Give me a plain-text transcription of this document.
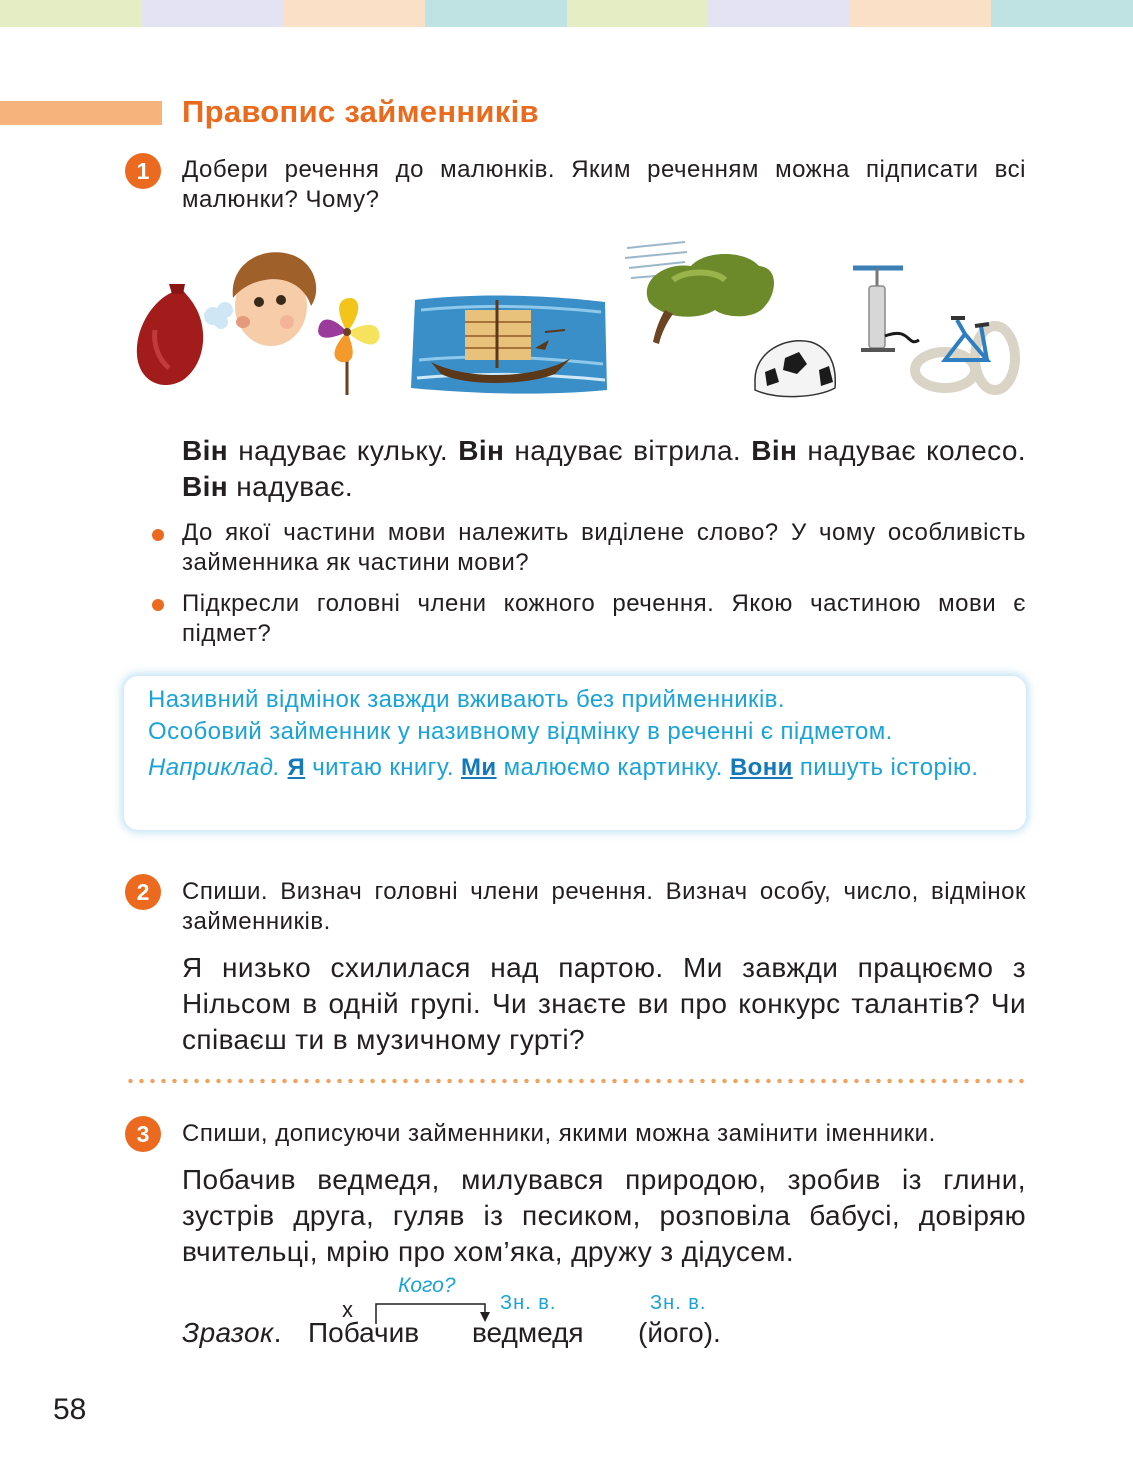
Правопис займенників
1	Добери речення до малюнків. Яким реченням можна підписати всі малюнки? Чому?
Він надуває кульку. Він надуває вітрила. Він надуває колесо. Він надуває.
До якої частини мови належить виділене слово? У чому особливість займенника як частини мови?
Підкресли головні члени кожного речення. Якою частиною мови є підмет?
Називний відмінок завжди вживають без прийменників.
Особовий займенник у називному відмінку в реченні є підметом.
Наприклад. Я читаю книгу. Ми малюємо картинку. Вони пишуть історію.
2	Спиши. Визнач головні члени речення. Визнач особу, число, відмінок займенників.
Я низько схилилася над партою. Ми завжди працюємо з Нільсом в одній групі. Чи знаєте ви про конкурс талантів? Чи співаєш ти в музичному гурті?
3	Спиши, дописуючи займенники, якими можна замінити іменники.
Побачив ведмедя, милувався природою, зробив із глини, зустрів друга, гуляв із песиком, розповіла бабусі, довіряю вчительці, мрію про хом’яка, дружу з дідусем.
Кого?
x	Зн. в.	Зн. в.
Зразок. Побачив ведмедя (його).
58
